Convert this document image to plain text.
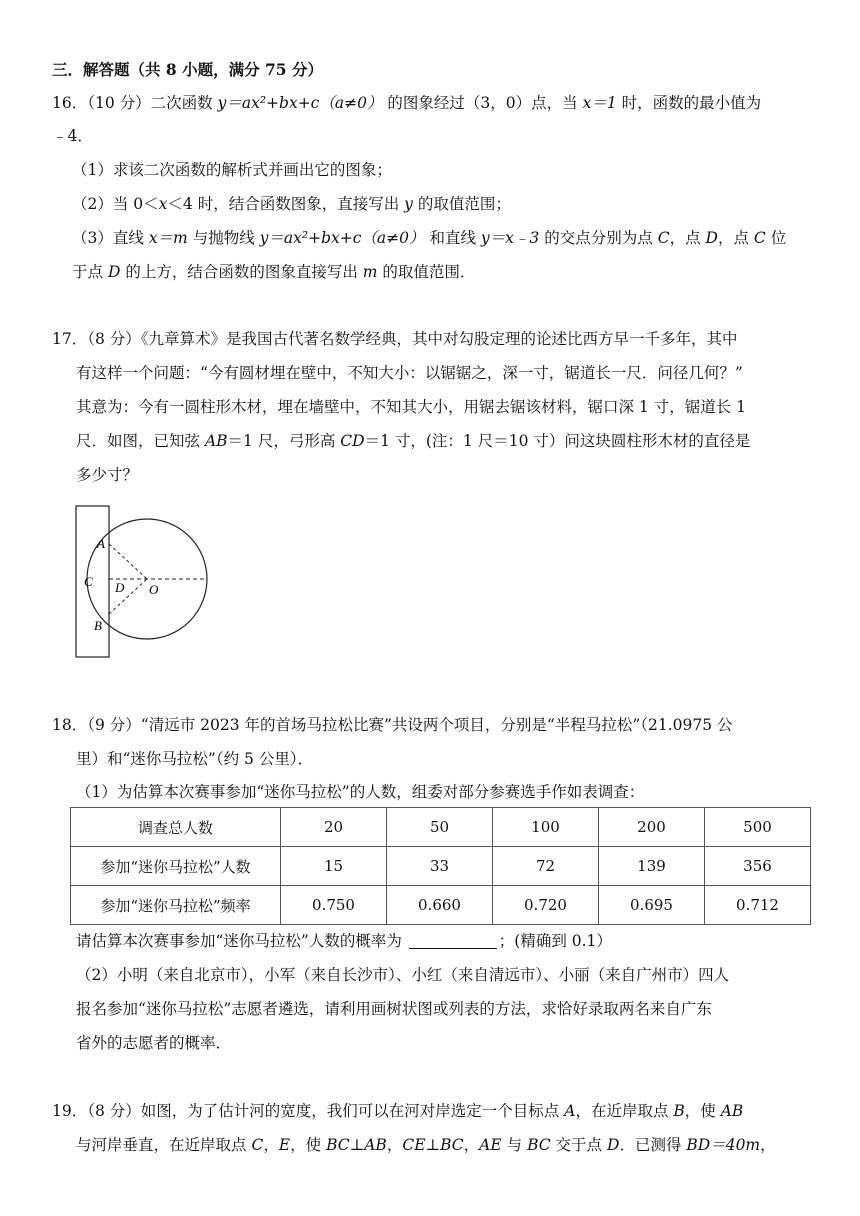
三．解答题（共 8 小题，满分 75 分）
16．（10 分）二次函数 y＝ax²+bx+c（a≠0） 的图象经过（3，0）点，当 x＝1 时，函数的最小值为
﹣4．
（1）求该二次函数的解析式并画出它的图象；
（2）当 0＜x＜4 时，结合函数图象，直接写出 y 的取值范围；
（3）直线 x＝m 与抛物线 y＝ax²+bx+c（a≠0） 和直线 y＝x﹣3 的交点分别为点 C，点 D，点 C 位
于点 D 的上方，结合函数的图象直接写出 m 的取值范围．
17．（8 分）《九章算术》是我国古代著名数学经典，其中对勾股定理的论述比西方早一千多年，其中
有这样一个问题：“今有圆材埋在壁中，不知大小：以锯锯之，深一寸，锯道长一尺．问径几何？”
其意为：今有一圆柱形木材，埋在墙壁中，不知其大小，用锯去锯该材料，锯口深 1 寸，锯道长 1
尺．如图，已知弦 AB＝1 尺，弓形高 CD＝1 寸，(注：1 尺＝10 寸）问这块圆柱形木材的直径是
多少寸？
A
C D O
B
18．（9 分）“清远市 2023 年的首场马拉松比赛”共设两个项目，分别是“半程马拉松”（21.0975 公
里）和“迷你马拉松”（约 5 公里）．
（1）为估算本次赛事参加“迷你马拉松”的人数，组委对部分参赛选手作如表调查：
调查总人数	20	50	100	200	500
参加“迷你马拉松”人数	15	33	72	139	356
参加“迷你马拉松”频率	0.750	0.660	0.720	0.695	0.712
请估算本次赛事参加“迷你马拉松”人数的概率为	；(精确到 0.1）
（2）小明（来自北京市），小军（来自长沙市）、小红（来自清远市）、小丽（来自广州市）四人
报名参加“迷你马拉松”志愿者遴选，请利用画树状图或列表的方法，求恰好录取两名来自广东
省外的志愿者的概率．
19．（8 分）如图，为了估计河的宽度，我们可以在河对岸选定一个目标点 A，在近岸取点 B，使 AB
与河岸垂直，在近岸取点 C，E，使 BC⊥AB，CE⊥BC，AE 与 BC 交于点 D．已测得 BD＝40m，
